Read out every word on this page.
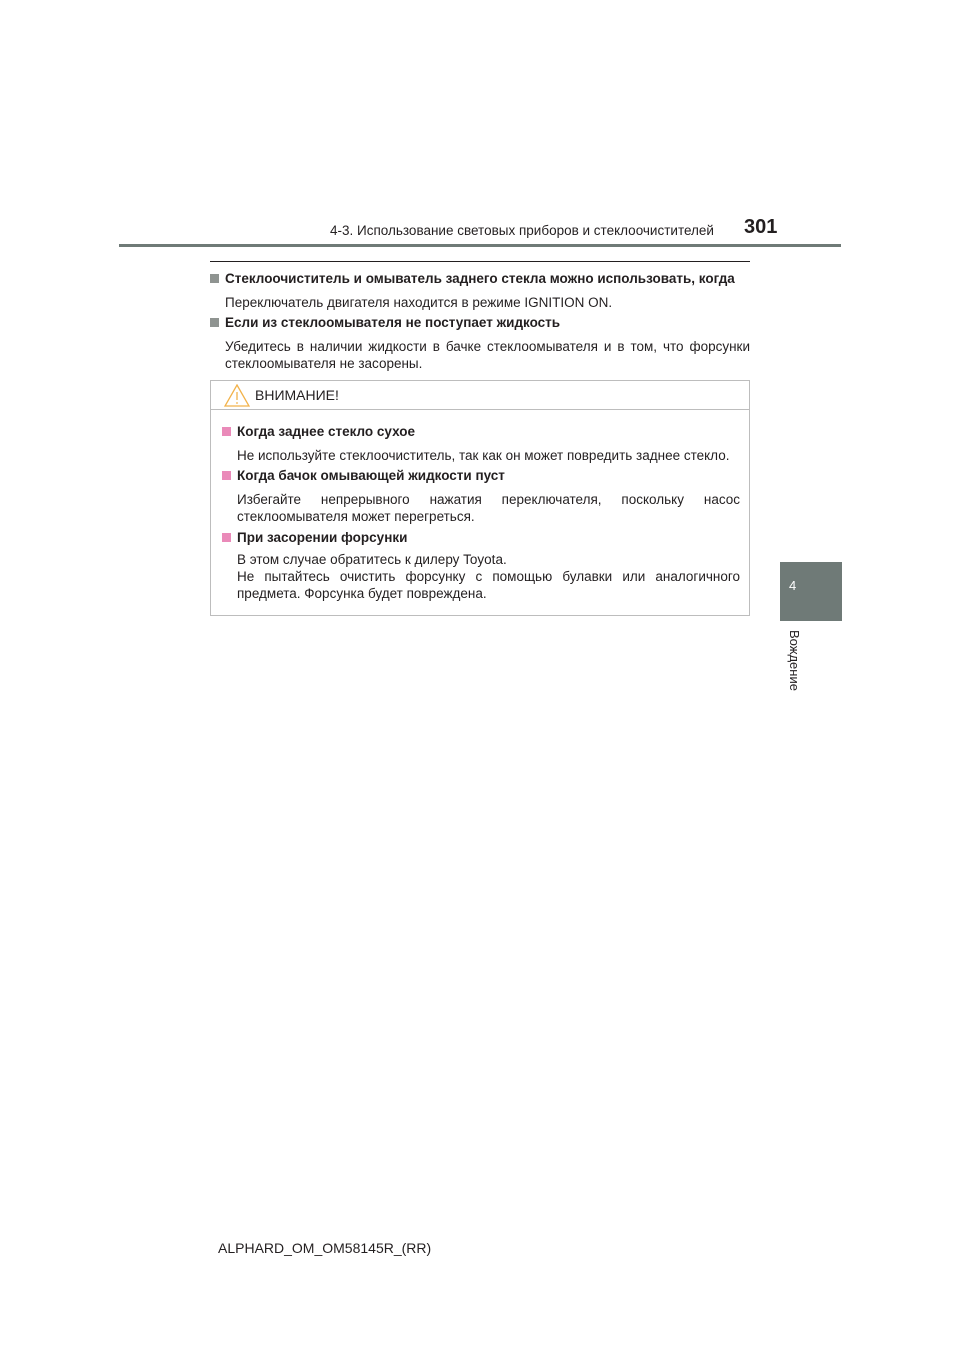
4-3. Использование световых приборов и стеклоочистителей 301
4
Вождение
Стеклоочиститель и омыватель заднего стекла можно использовать, когда
Переключатель двигателя находится в режиме IGNITION ON.
Если из стеклоомывателя не поступает жидкость
Убедитесь в наличии жидкости в бачке стеклоомывателя и в том, что форсунки стеклоомывателя не засорены.
ВНИМАНИЕ!
Когда заднее стекло сухое
Не используйте стеклоочиститель, так как он может повредить заднее стекло.
Когда бачок омывающей жидкости пуст
Избегайте непрерывного нажатия переключателя, поскольку насос стеклоомывателя может перегреться.
При засорении форсунки
В этом случае обратитесь к дилеру Toyota.
Не пытайтесь очистить форсунку с помощью булавки или аналогичного предмета. Форсунка будет повреждена.
ALPHARD_OM_OM58145R_(RR)
